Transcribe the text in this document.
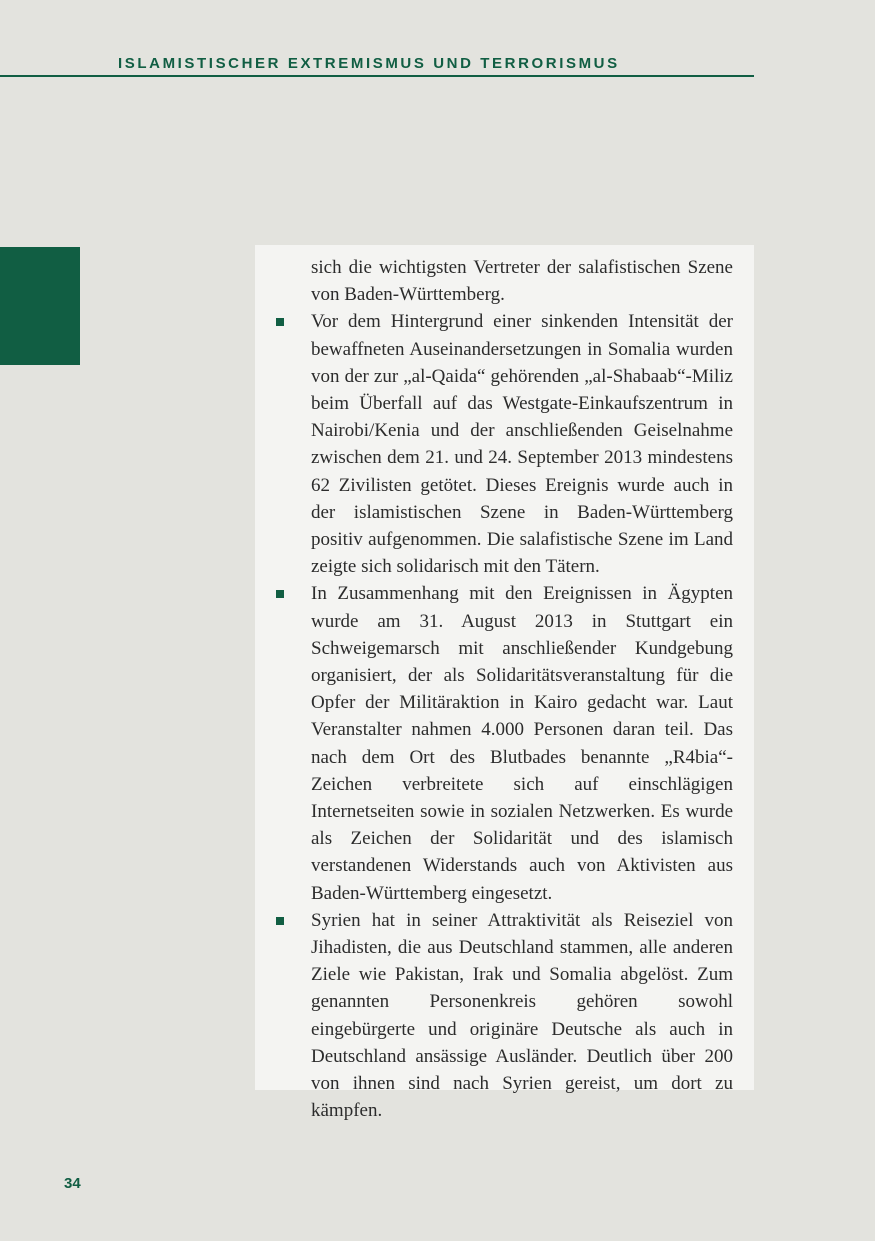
ISLAMISTISCHER EXTREMISMUS UND TERRORISMUS

sich die wichtigsten Vertreter der salafistischen Szene von Baden-Württemberg.

Vor dem Hintergrund einer sinkenden Intensität der bewaffneten Auseinandersetzungen in Somalia wurden von der zur „al-Qaida“ gehörenden „al-Shabaab“-Miliz beim Überfall auf das Westgate-Einkaufszentrum in Nairobi/Kenia und der anschließenden Geiselnahme zwischen dem 21. und 24. September 2013 mindestens 62 Zivilisten getötet. Dieses Ereignis wurde auch in der islamistischen Szene in Baden-Württemberg positiv aufgenommen. Die salafistische Szene im Land zeigte sich solidarisch mit den Tätern.
In Zusammenhang mit den Ereignissen in Ägypten wurde am 31. August 2013 in Stuttgart ein Schweigemarsch mit anschließender Kundgebung organisiert, der als Solidaritätsveranstaltung für die Opfer der Militäraktion in Kairo gedacht war. Laut Veranstalter nahmen 4.000 Personen daran teil. Das nach dem Ort des Blutbades benannte „R4bia“-Zeichen verbreitete sich auf einschlägigen Internetseiten sowie in sozialen Netzwerken. Es wurde als Zeichen der Solidarität und des islamisch verstandenen Widerstands auch von Aktivisten aus Baden-Württemberg eingesetzt.
Syrien hat in seiner Attraktivität als Reiseziel von Jihadisten, die aus Deutschland stammen, alle anderen Ziele wie Pakistan, Irak und Somalia abgelöst. Zum genannten Personenkreis gehören sowohl eingebürgerte und originäre Deutsche als auch in Deutschland ansässige Ausländer. Deutlich über 200 von ihnen sind nach Syrien gereist, um dort zu kämpfen.
34
